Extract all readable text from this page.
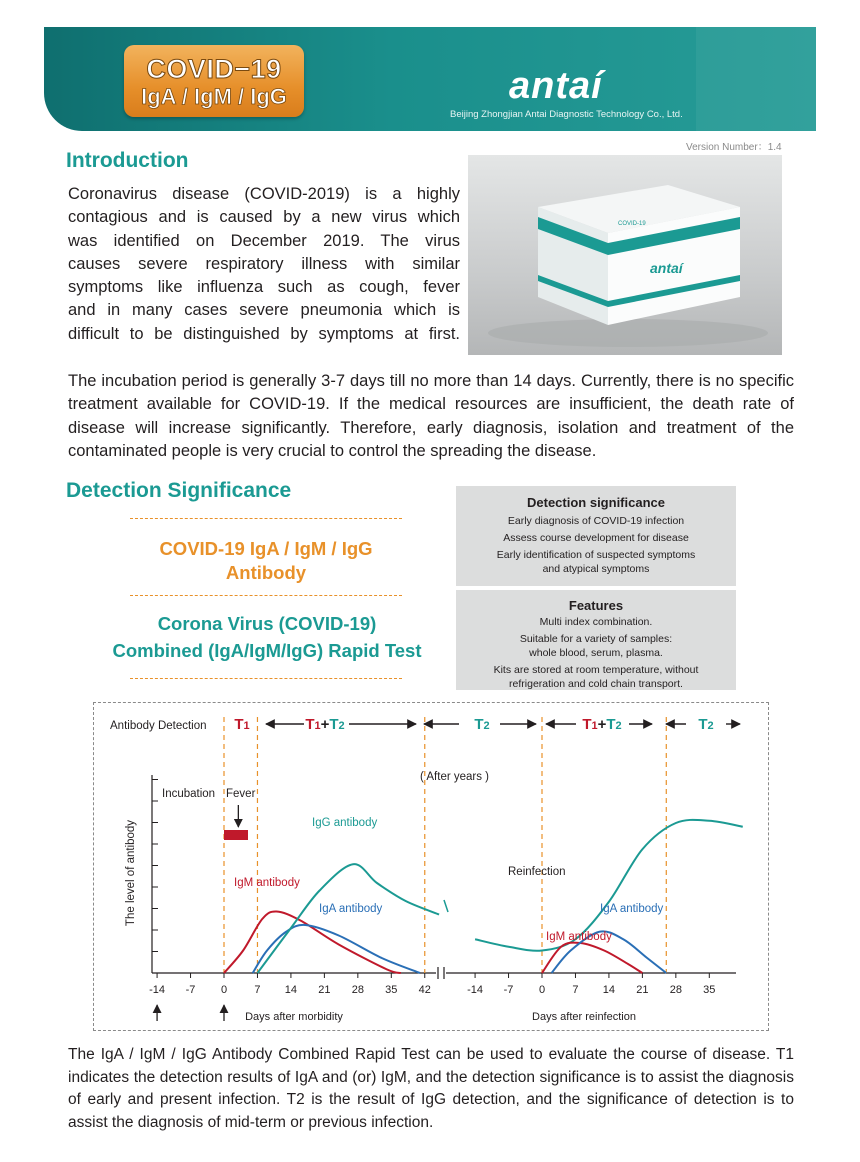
COVID−19
IgA / IgM / IgG	antaí
Beijing Zhongjian Antai Diagnostic Technology Co., Ltd.
Version Number：1.4
Introduction
Coronavirus disease (COVID-2019) is a highly
contagious and is caused by a new virus which
was identified on December 2019. The virus
causes severe respiratory illness with similar
symptoms like influenza such as cough, fever
and in many cases severe pneumonia which is
difficult to be distinguished by symptoms at first.
COVID-19
antaí
The incubation period is generally 3-7 days till no more than 14 days. Currently, there is no specific treatment available for COVID-19. If the medical resources are insufficient, the death rate of disease will increase significantly. Therefore, early diagnosis, isolation and treatment of the contaminated people is very crucial to control the spreading the disease.
Detection Significance
COVID-19 IgA / IgM / IgG
Antibody
Corona Virus (COVID-19)
Combined (IgA/IgM/IgG) Rapid Test
Detection significance

Early diagnosis of COVID-19 infection

Assess course development for disease

Early identification of suspected symptoms and atypical symptoms

Features

Multi index combination.

Suitable for a variety of samples: whole blood, serum, plasma.

Kits are stored at room temperature, without refrigeration and cold chain transport.

The level of antibody
-14 -7 0 7 14 21 28 35 42	-14 -7 0 7 14 21 28 35
Days after morbidity	Days after reinfection
Antibody Detection T1	T1+T2	T2	T1+T2	T2
Incubation Fever
( After years )
Reinfection
IgG antibody
IgM antibody
IgA antibody
IgM antibody
IgA antibody
The IgA / IgM / IgG Antibody Combined Rapid Test can be used to evaluate the course of disease. T1 indicates the detection results of IgA and (or) IgM, and the detection significance is to assist the diagnosis of early and present infection. T2 is the result of IgG detection, and the significance of detection is to assist the diagnosis of mid-term or previous infection.
